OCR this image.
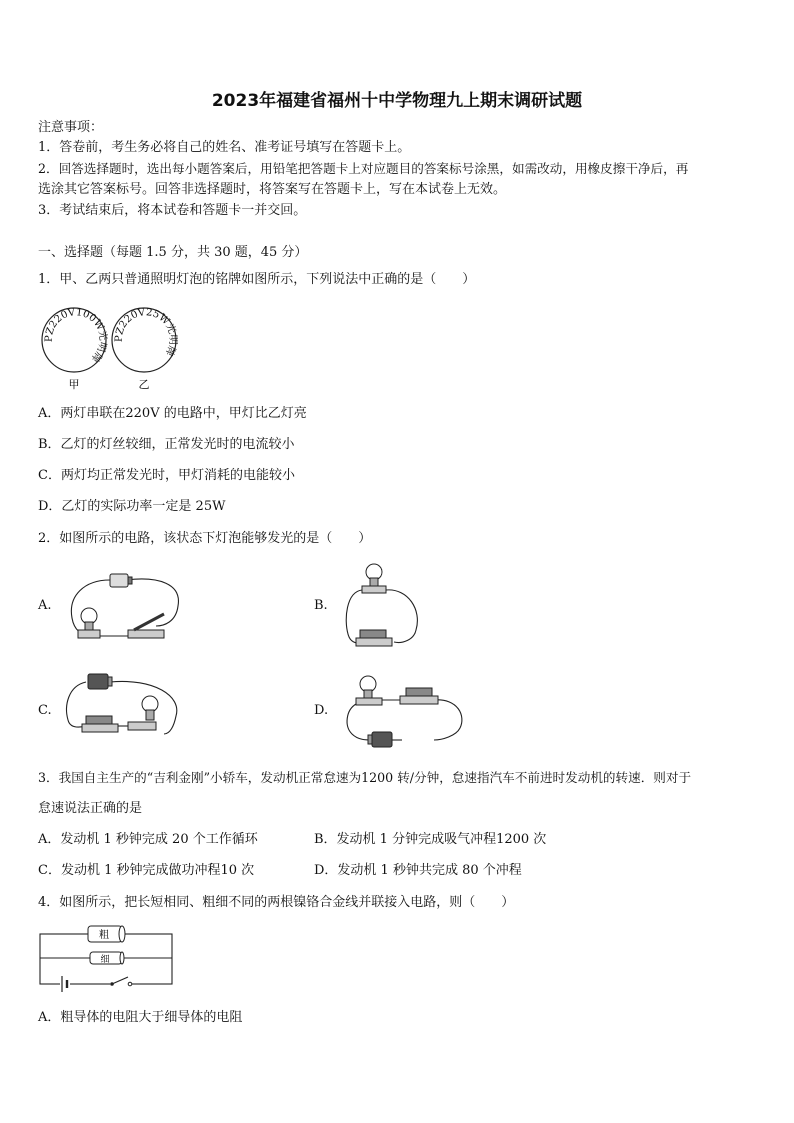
2023年福建省福州十中学物理九上期末调研试题
注意事项：
1．答卷前，考生务必将自己的姓名、准考证号填写在答题卡上。
2．回答选择题时，选出每小题答案后，用铅笔把答题卡上对应题目的答案标号涂黑，如需改动，用橡皮擦干净后，再
选涂其它答案标号。回答非选择题时，将答案写在答题卡上，写在本试卷上无效。
3．考试结束后，将本试卷和答题卡一并交回。
一、选择题（每题 1.5 分，共 30 题，45 分）
1．甲、乙两只普通照明灯泡的铭牌如图所示，下列说法中正确的是（　　）
PZ220V100W光明牌
PZ220V25W光明牌
甲	乙
A．两灯串联在220V 的电路中，甲灯比乙灯亮
B．乙灯的灯丝较细，正常发光时的电流较小
C．两灯均正常发光时，甲灯消耗的电能较小
D．乙灯的实际功率一定是 25W
2．如图所示的电路，该状态下灯泡能够发光的是（　　）
A.	B.
C.	D.
3．我国自主生产的“吉利金刚”小轿车，发动机正常怠速为1200 转/分钟，怠速指汽车不前进时发动机的转速．则对于
怠速说法正确的是
A．发动机 1 秒钟完成 20 个工作循环	B．发动机 1 分钟完成吸气冲程1200 次
C．发动机 1 秒钟完成做功冲程10 次	D．发动机 1 秒钟共完成 80 个冲程
4．如图所示，把长短相同、粗细不同的两根镍铬合金线并联接入电路，则（　　）
粗
细
A．粗导体的电阻大于细导体的电阻
